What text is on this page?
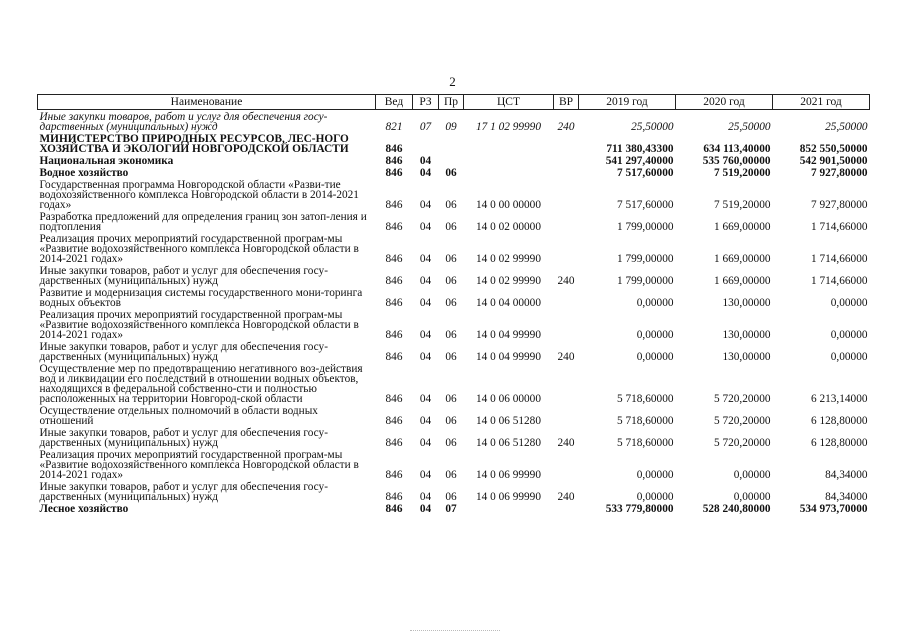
2
Наименование	Вед	РЗ	Пр	ЦСТ	ВР	2019 год	2020 год	2021 год
Иные закупки товаров, работ и услуг для обеспечения госу-дарственных (муниципальных) нужд	821	07	09	17 1 02 99990	240	25,50000	25,50000	25,50000
МИНИСТЕРСТВО ПРИРОДНЫХ РЕСУРСОВ, ЛЕС-НОГО ХОЗЯЙСТВА И ЭКОЛОГИИ НОВГОРОДСКОЙ ОБЛАСТИ	846					711 380,43300	634 113,40000	852 550,50000
Национальная экономика	846	04				541 297,40000	535 760,00000	542 901,50000
Водное хозяйство	846	04	06			7 517,60000	7 519,20000	7 927,80000
Государственная программа Новгородской области «Разви-тие водохозяйственного комплекса Новгородской области в 2014-2021 годах»	846	04	06	14 0 00 00000		7 517,60000	7 519,20000	7 927,80000
Разработка предложений для определения границ зон затоп-ления и подтопления	846	04	06	14 0 02 00000		1 799,00000	1 669,00000	1 714,66000
Реализация прочих мероприятий государственной програм-мы «Развитие водохозяйственного комплекса Новгородской области в 2014-2021 годах»	846	04	06	14 0 02 99990		1 799,00000	1 669,00000	1 714,66000
Иные закупки товаров, работ и услуг для обеспечения госу-дарственных (муниципальных) нужд	846	04	06	14 0 02 99990	240	1 799,00000	1 669,00000	1 714,66000
Развитие и модернизация системы государственного мони-торинга водных объектов	846	04	06	14 0 04 00000		0,00000	130,00000	0,00000
Реализация прочих мероприятий государственной програм-мы «Развитие водохозяйственного комплекса Новгородской области в 2014-2021 годах»	846	04	06	14 0 04 99990		0,00000	130,00000	0,00000
Иные закупки товаров, работ и услуг для обеспечения госу-дарственных (муниципальных) нужд	846	04	06	14 0 04 99990	240	0,00000	130,00000	0,00000
Осуществление мер по предотвращению негативного воз-действия вод и ликвидации его последствий в отношении водных объектов, находящихся в федеральной собственно-сти и полностью расположенных на территории Новгород-ской области	846	04	06	14 0 06 00000		5 718,60000	5 720,20000	6 213,14000
Осуществление отдельных полномочий в области водных отношений	846	04	06	14 0 06 51280		5 718,60000	5 720,20000	6 128,80000
Иные закупки товаров, работ и услуг для обеспечения госу-дарственных (муниципальных) нужд	846	04	06	14 0 06 51280	240	5 718,60000	5 720,20000	6 128,80000
Реализация прочих мероприятий государственной програм-мы «Развитие водохозяйственного комплекса Новгородской области в 2014-2021 годах»	846	04	06	14 0 06 99990		0,00000	0,00000	84,34000
Иные закупки товаров, работ и услуг для обеспечения госу-дарственных (муниципальных) нужд	846	04	06	14 0 06 99990	240	0,00000	0,00000	84,34000
Лесное хозяйство	846	04	07			533 779,80000	528 240,80000	534 973,70000
